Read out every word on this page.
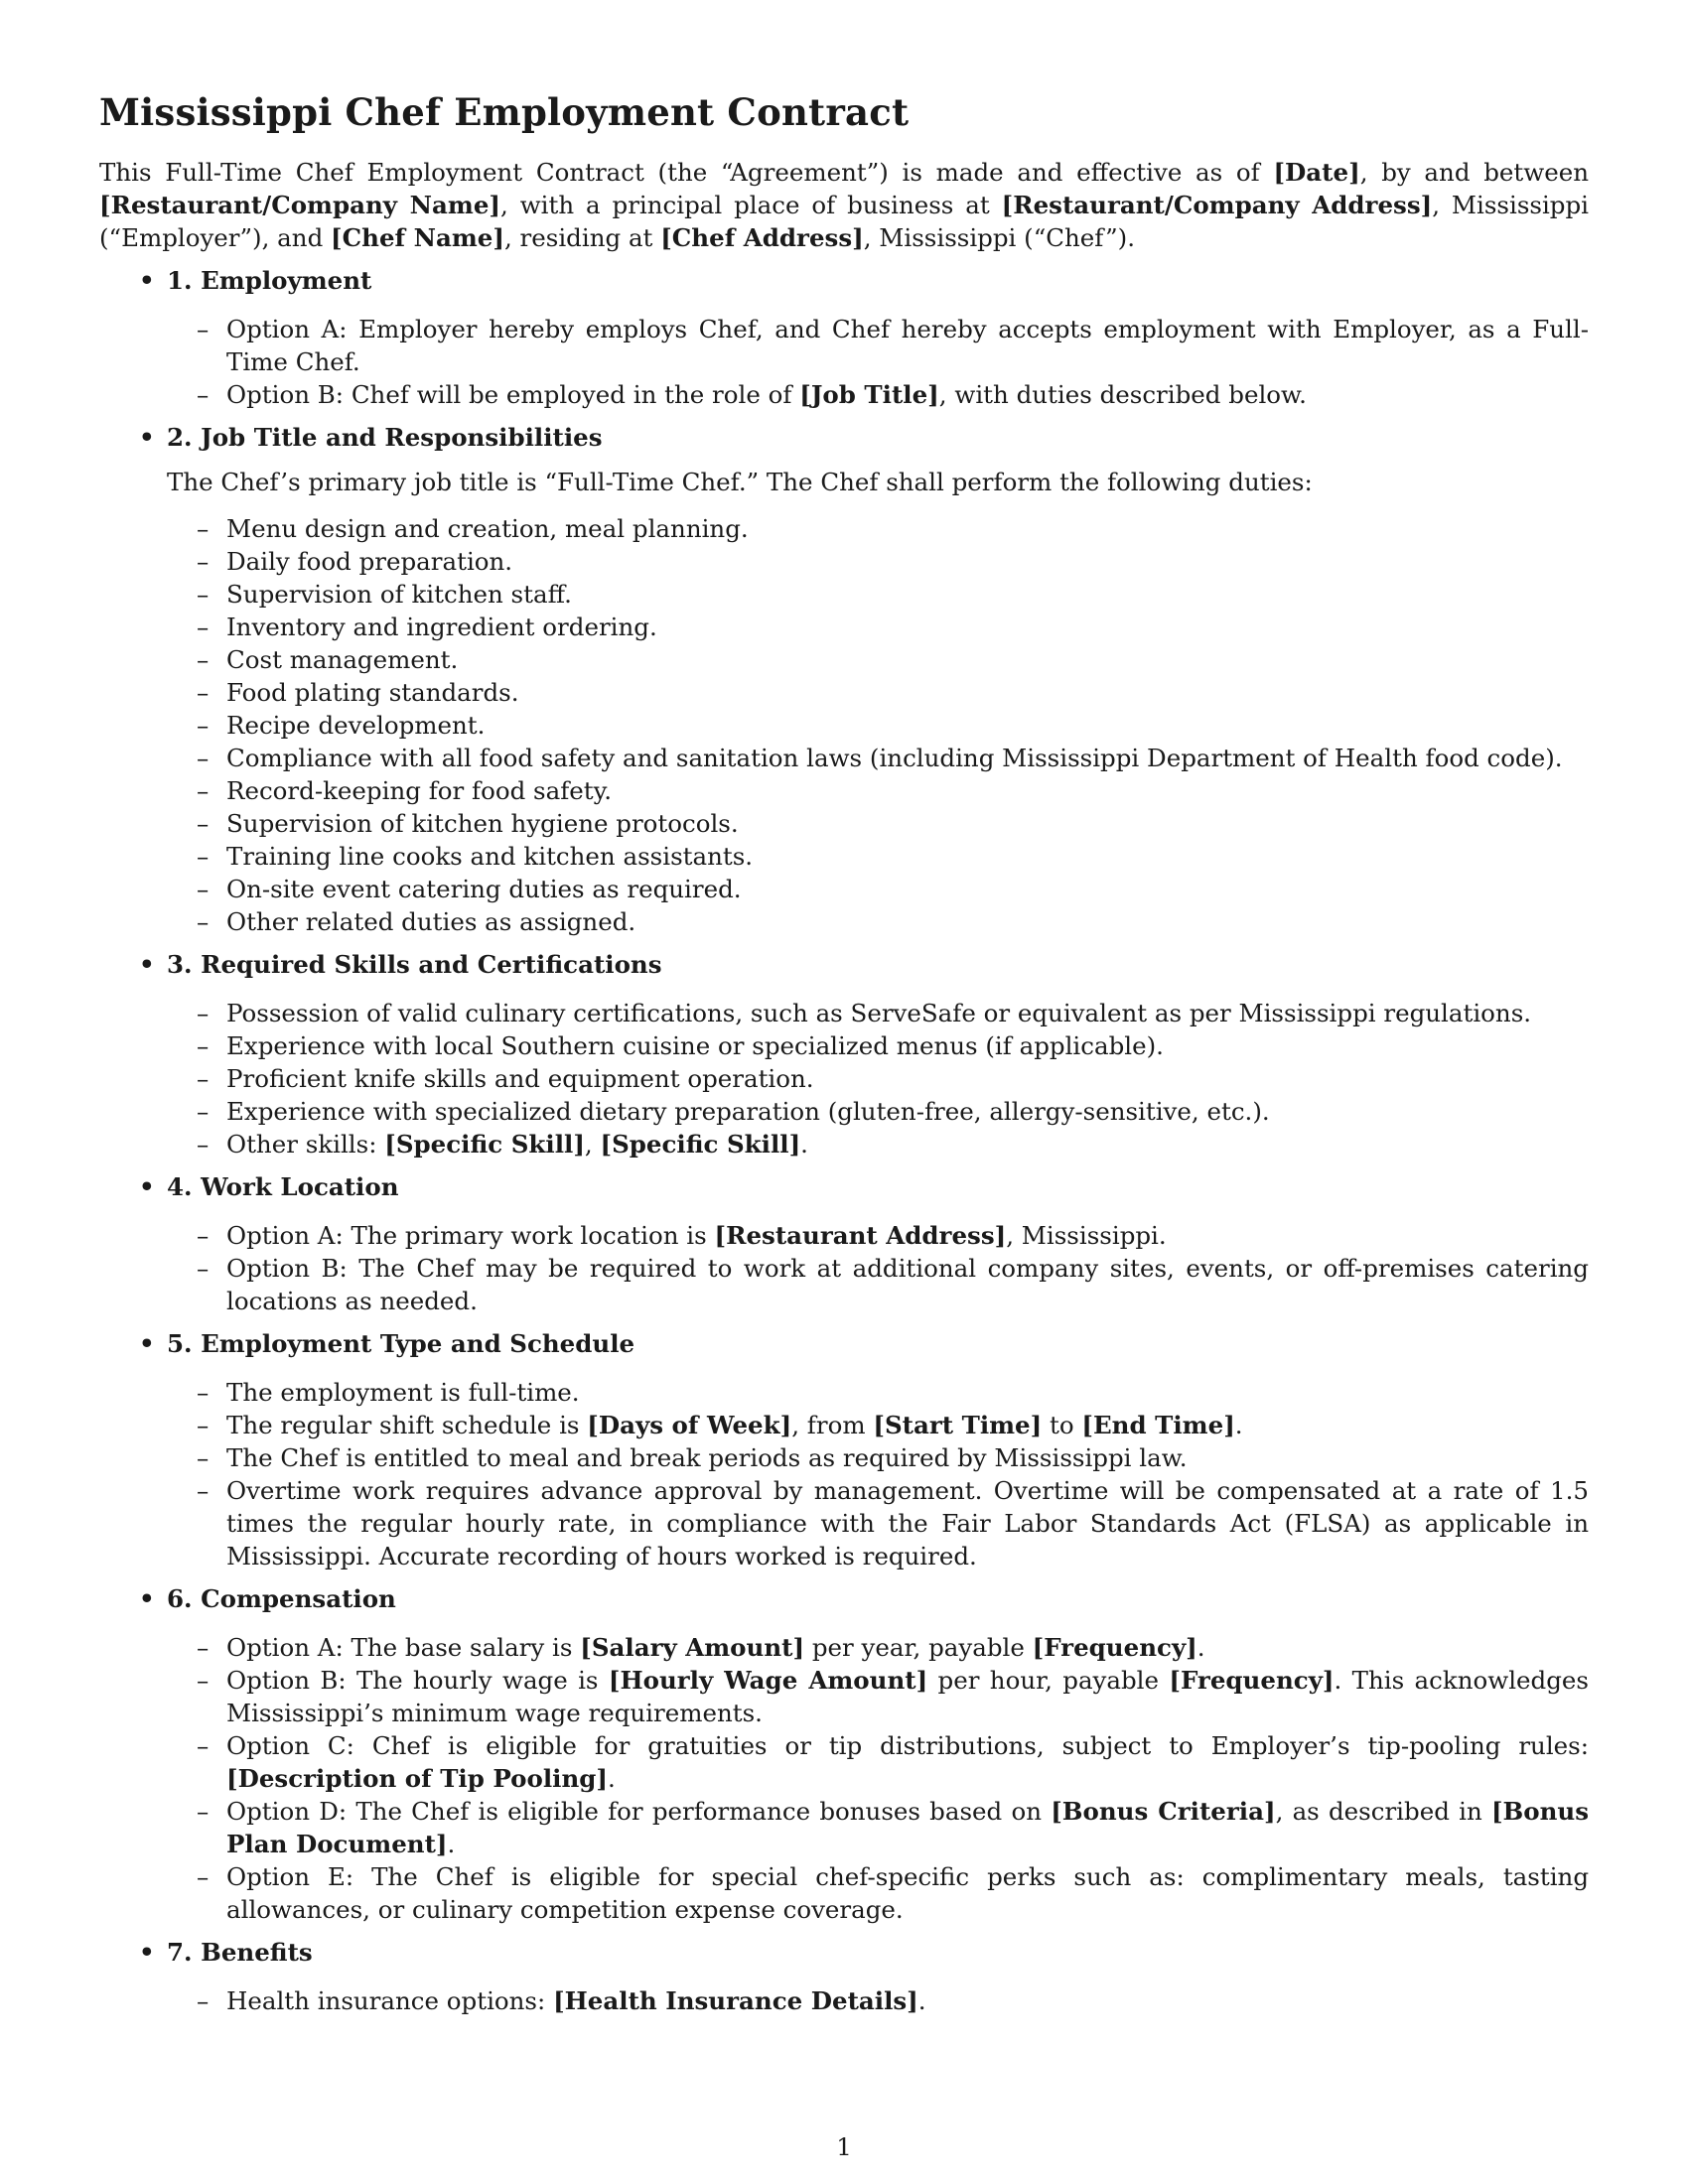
Mississippi Chef Employment Contract

This Full-Time Chef Employment Contract (the “Agreement”) is made and effective as of [Date], by and between [Restaurant/Company Name], with a principal place of business at [Restaurant/Company Address], Mississippi (“Employer”), and [Chef Name], residing at [Chef Address], Mississippi (“Chef”).

• 1. Employment
– Option A: Employer hereby employs Chef, and Chef hereby accepts employment with Employer, as a Full-Time Chef.
– Option B: Chef will be employed in the role of [Job Title], with duties described below.
• 2. Job Title and Responsibilities
The Chef’s primary job title is “Full-Time Chef.” The Chef shall perform the following duties:
– Menu design and creation, meal planning.
– Daily food preparation.
– Supervision of kitchen staff.
– Inventory and ingredient ordering.
– Cost management.
– Food plating standards.
– Recipe development.
– Compliance with all food safety and sanitation laws (including Mississippi Department of Health food code).
– Record-keeping for food safety.
– Supervision of kitchen hygiene protocols.
– Training line cooks and kitchen assistants.
– On-site event catering duties as required.
– Other related duties as assigned.
• 3. Required Skills and Certifications
– Possession of valid culinary certifications, such as ServeSafe or equivalent as per Mississippi regulations.
– Experience with local Southern cuisine or specialized menus (if applicable).
– Proficient knife skills and equipment operation.
– Experience with specialized dietary preparation (gluten-free, allergy-sensitive, etc.).
– Other skills: [Specific Skill], [Specific Skill].
• 4. Work Location
– Option A: The primary work location is [Restaurant Address], Mississippi.
– Option B: The Chef may be required to work at additional company sites, events, or off-premises catering locations as needed.
• 5. Employment Type and Schedule
– The employment is full-time.
– The regular shift schedule is [Days of Week], from [Start Time] to [End Time].
– The Chef is entitled to meal and break periods as required by Mississippi law.
– Overtime work requires advance approval by management. Overtime will be compensated at a rate of 1.5 times the regular hourly rate, in compliance with the Fair Labor Standards Act (FLSA) as applicable in Mississippi. Accurate recording of hours worked is required.
• 6. Compensation
– Option A: The base salary is [Salary Amount] per year, payable [Frequency].
– Option B: The hourly wage is [Hourly Wage Amount] per hour, payable [Frequency]. This acknowledges Mississippi’s minimum wage requirements.
– Option C: Chef is eligible for gratuities or tip distributions, subject to Employer’s tip-pooling rules: [Description of Tip Pooling].
– Option D: The Chef is eligible for performance bonuses based on [Bonus Criteria], as described in [Bonus Plan Document].
– Option E: The Chef is eligible for special chef-specific perks such as: complimentary meals, tasting allowances, or culinary competition expense coverage.
• 7. Benefits
– Health insurance options: [Health Insurance Details].
1
